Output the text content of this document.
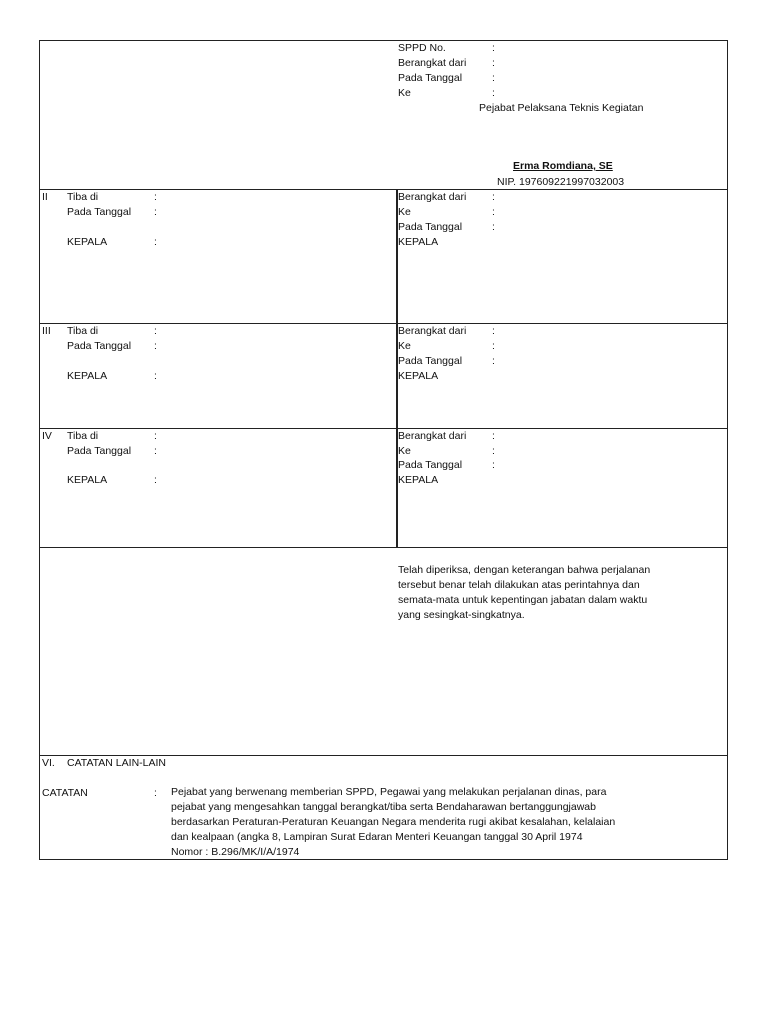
SPPD No.	:
Berangkat dari :
Pada Tanggal	:
Ke	:
Pejabat Pelaksana Teknis Kegiatan
Erma Romdiana, SE
NIP. 197609221997032003
II Tiba di	:
Pada Tanggal :
KEPALA	:
Berangkat dari :
Ke	:
Pada Tanggal	:
KEPALA
III Tiba di	:
Pada Tanggal :
KEPALA	:
Berangkat dari :
Ke	:
Pada Tanggal	:
KEPALA
IV Tiba di	:
Pada Tanggal :
KEPALA	:
Berangkat dari :
Ke	:
Pada Tanggal	:
KEPALA
Telah diperiksa, dengan keterangan bahwa perjalanan
tersebut benar telah dilakukan atas perintahnya dan
semata-mata untuk kepentingan jabatan dalam waktu
yang sesingkat-singkatnya.
VI. CATATAN LAIN-LAIN
CATATAN	: Pejabat yang berwenang memberian SPPD, Pegawai yang melakukan perjalanan dinas, para
pejabat yang mengesahkan tanggal berangkat/tiba serta Bendaharawan bertanggungjawab
berdasarkan Peraturan-Peraturan Keuangan Negara menderita rugi akibat kesalahan, kelalaian
dan kealpaan (angka 8, Lampiran Surat Edaran Menteri Keuangan tanggal 30 April 1974
Nomor : B.296/MK/I/A/1974
